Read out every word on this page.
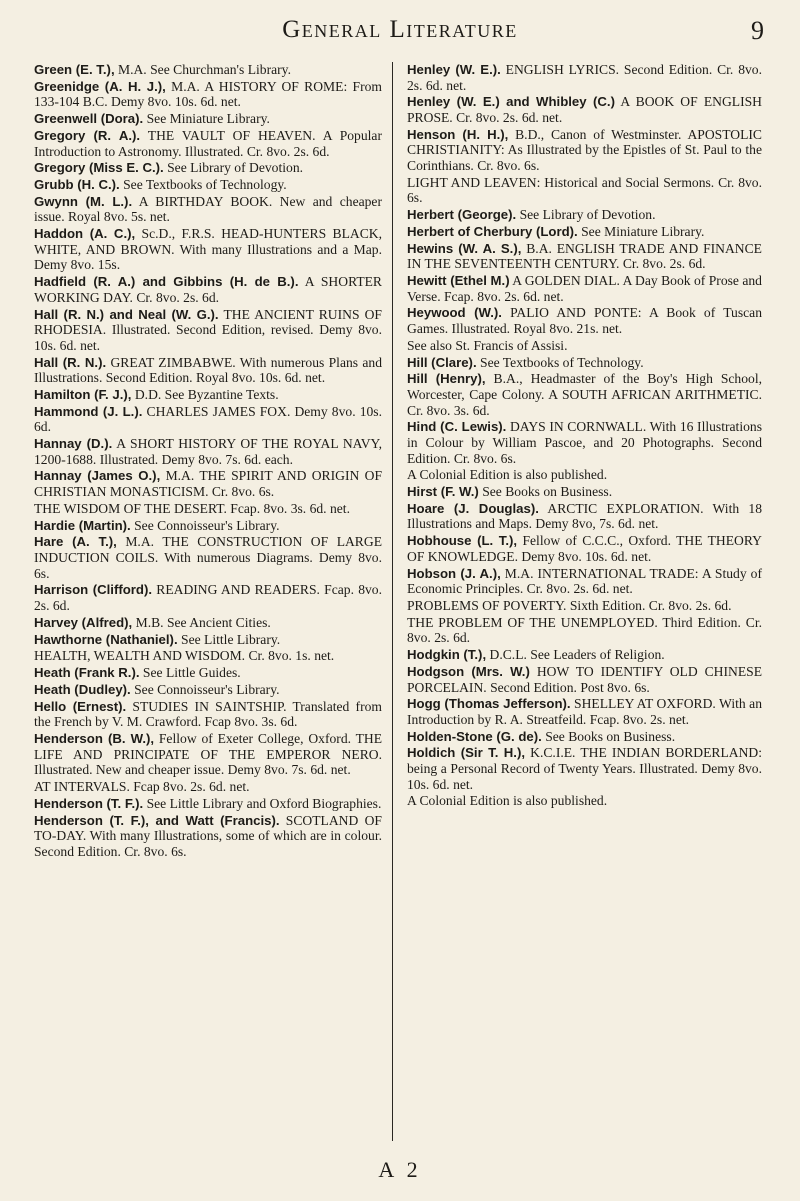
General Literature	9

Green (E. T.), M.A. See Churchman's Library.

Greenidge (A. H. J.), M.A. A HISTORY OF ROME: From 133-104 B.C. Demy 8vo. 10s. 6d. net.

Greenwell (Dora). See Miniature Library.

Gregory (R. A.). THE VAULT OF HEAVEN. A Popular Introduction to Astronomy. Illustrated. Cr. 8vo. 2s. 6d.

Gregory (Miss E. C.). See Library of Devotion.

Grubb (H. C.). See Textbooks of Technology.

Gwynn (M. L.). A BIRTHDAY BOOK. New and cheaper issue. Royal 8vo. 5s. net.

Haddon (A. C.), Sc.D., F.R.S. HEAD-HUNTERS BLACK, WHITE, AND BROWN. With many Illustrations and a Map. Demy 8vo. 15s.

Hadfield (R. A.) and Gibbins (H. de B.). A SHORTER WORKING DAY. Cr. 8vo. 2s. 6d.

Hall (R. N.) and Neal (W. G.). THE ANCIENT RUINS OF RHODESIA. Illustrated. Second Edition, revised. Demy 8vo. 10s. 6d. net.

Hall (R. N.). GREAT ZIMBABWE. With numerous Plans and Illustrations. Second Edition. Royal 8vo. 10s. 6d. net.

Hamilton (F. J.), D.D. See Byzantine Texts.

Hammond (J. L.). CHARLES JAMES FOX. Demy 8vo. 10s. 6d.

Hannay (D.). A SHORT HISTORY OF THE ROYAL NAVY, 1200-1688. Illustrated. Demy 8vo. 7s. 6d. each.

Hannay (James O.), M.A. THE SPIRIT AND ORIGIN OF CHRISTIAN MONASTICISM. Cr. 8vo. 6s.

THE WISDOM OF THE DESERT. Fcap. 8vo. 3s. 6d. net.

Hardie (Martin). See Connoisseur's Library.

Hare (A. T.), M.A. THE CONSTRUCTION OF LARGE INDUCTION COILS. With numerous Diagrams. Demy 8vo. 6s.

Harrison (Clifford). READING AND READERS. Fcap. 8vo. 2s. 6d.

Harvey (Alfred), M.B. See Ancient Cities.

Hawthorne (Nathaniel). See Little Library.

HEALTH, WEALTH AND WISDOM. Cr. 8vo. 1s. net.

Heath (Frank R.). See Little Guides.

Heath (Dudley). See Connoisseur's Library.

Hello (Ernest). STUDIES IN SAINTSHIP. Translated from the French by V. M. Crawford. Fcap 8vo. 3s. 6d.

Henderson (B. W.), Fellow of Exeter College, Oxford. THE LIFE AND PRINCIPATE OF THE EMPEROR NERO. Illustrated. New and cheaper issue. Demy 8vo. 7s. 6d. net.

AT INTERVALS. Fcap 8vo. 2s. 6d. net.

Henderson (T. F.). See Little Library and Oxford Biographies.

Henderson (T. F.), and Watt (Francis). SCOTLAND OF TO-DAY. With many Illustrations, some of which are in colour. Second Edition. Cr. 8vo. 6s.

Henley (W. E.). ENGLISH LYRICS. Second Edition. Cr. 8vo. 2s. 6d. net.

Henley (W. E.) and Whibley (C.) A BOOK OF ENGLISH PROSE. Cr. 8vo. 2s. 6d. net.

Henson (H. H.), B.D., Canon of Westminster. APOSTOLIC CHRISTIANITY: As Illustrated by the Epistles of St. Paul to the Corinthians. Cr. 8vo. 6s.

LIGHT AND LEAVEN: Historical and Social Sermons. Cr. 8vo. 6s.

Herbert (George). See Library of Devotion.

Herbert of Cherbury (Lord). See Miniature Library.

Hewins (W. A. S.), B.A. ENGLISH TRADE AND FINANCE IN THE SEVENTEENTH CENTURY. Cr. 8vo. 2s. 6d.

Hewitt (Ethel M.) A GOLDEN DIAL. A Day Book of Prose and Verse. Fcap. 8vo. 2s. 6d. net.

Heywood (W.). PALIO AND PONTE: A Book of Tuscan Games. Illustrated. Royal 8vo. 21s. net.

See also St. Francis of Assisi.

Hill (Clare). See Textbooks of Technology.

Hill (Henry), B.A., Headmaster of the Boy's High School, Worcester, Cape Colony. A SOUTH AFRICAN ARITHMETIC. Cr. 8vo. 3s. 6d.

Hind (C. Lewis). DAYS IN CORNWALL. With 16 Illustrations in Colour by William Pascoe, and 20 Photographs. Second Edition. Cr. 8vo. 6s.

A Colonial Edition is also published.

Hirst (F. W.) See Books on Business.

Hoare (J. Douglas). ARCTIC EXPLORATION. With 18 Illustrations and Maps. Demy 8vo, 7s. 6d. net.

Hobhouse (L. T.), Fellow of C.C.C., Oxford. THE THEORY OF KNOWLEDGE. Demy 8vo. 10s. 6d. net.

Hobson (J. A.), M.A. INTERNATIONAL TRADE: A Study of Economic Principles. Cr. 8vo. 2s. 6d. net.

PROBLEMS OF POVERTY. Sixth Edition. Cr. 8vo. 2s. 6d.

THE PROBLEM OF THE UNEMPLOYED. Third Edition. Cr. 8vo. 2s. 6d.

Hodgkin (T.), D.C.L. See Leaders of Religion.

Hodgson (Mrs. W.) HOW TO IDENTIFY OLD CHINESE PORCELAIN. Second Edition. Post 8vo. 6s.

Hogg (Thomas Jefferson). SHELLEY AT OXFORD. With an Introduction by R. A. Streatfeild. Fcap. 8vo. 2s. net.

Holden-Stone (G. de). See Books on Business.

Holdich (Sir T. H.), K.C.I.E. THE INDIAN BORDERLAND: being a Personal Record of Twenty Years. Illustrated. Demy 8vo. 10s. 6d. net.

A Colonial Edition is also published.

A 2
